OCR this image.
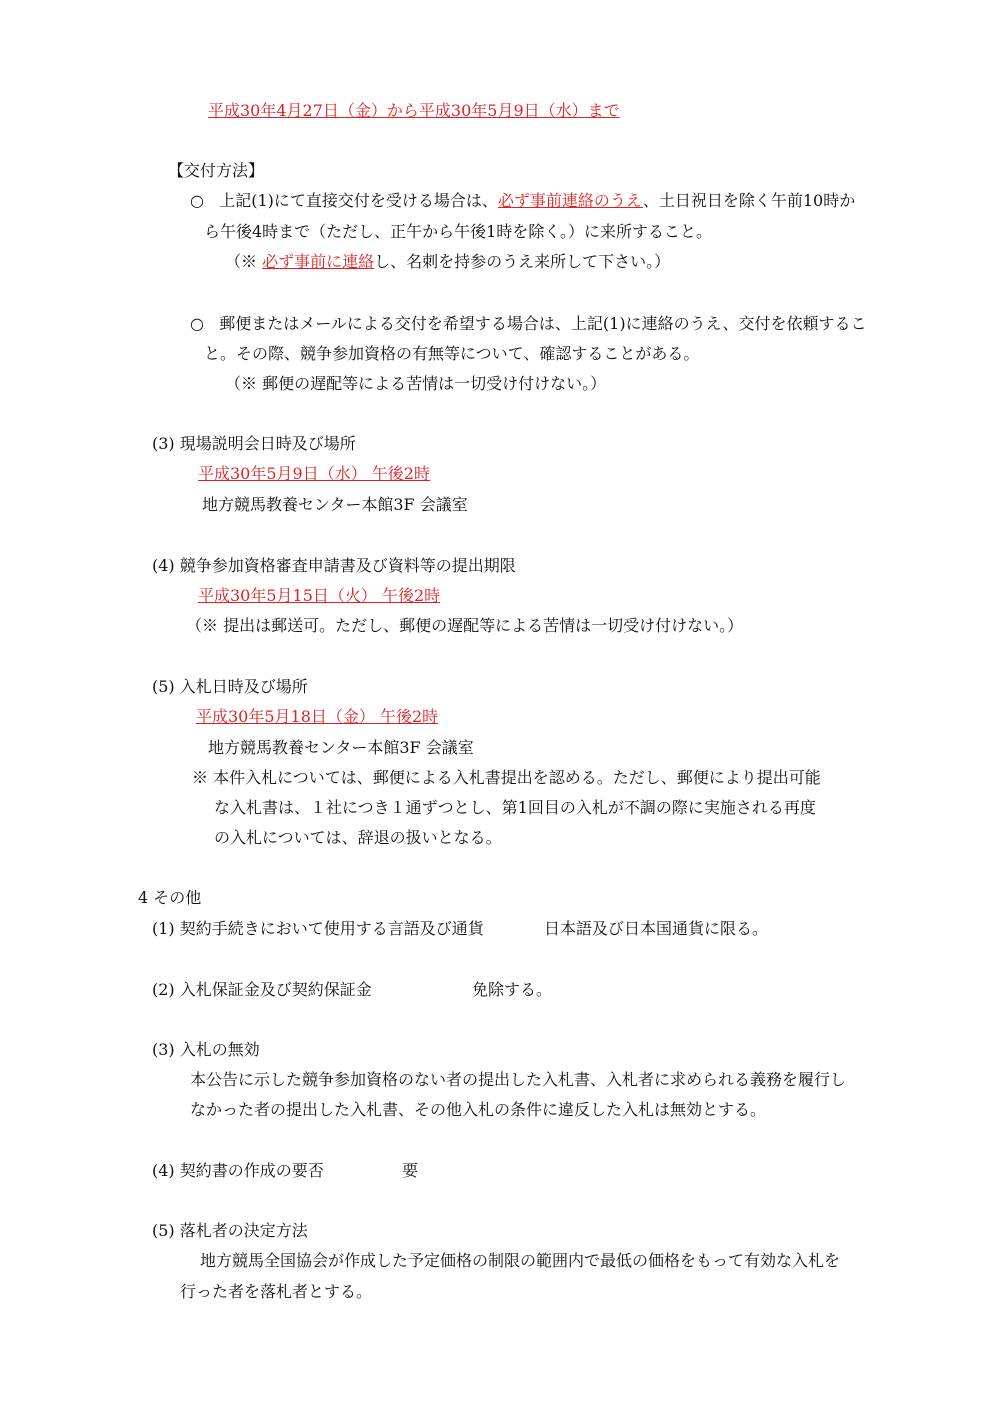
平成30年4月27日（金）から平成30年5月9日（水）まで
【交付方法】
○ 上記(1)にて直接交付を受ける場合は、必ず事前連絡のうえ、土日祝日を除く午前10時か
ら午後4時まで（ただし、正午から午後1時を除く。）に来所すること。
（※ 必ず事前に連絡し、名刺を持参のうえ来所して下さい。）
○ 郵便またはメールによる交付を希望する場合は、上記(1)に連絡のうえ、交付を依頼するこ
と。その際、競争参加資格の有無等について、確認することがある。
（※ 郵便の遅配等による苦情は一切受け付けない。）
(3) 現場説明会日時及び場所
平成30年5月9日（水） 午後2時
地方競馬教養センター本館3F 会議室
(4) 競争参加資格審査申請書及び資料等の提出期限
平成30年5月15日（火） 午後2時
（※ 提出は郵送可。ただし、郵便の遅配等による苦情は一切受け付けない。）
(5) 入札日時及び場所
平成30年5月18日（金） 午後2時
地方競馬教養センター本館3F 会議室
※ 本件入札については、郵便による入札書提出を認める。ただし、郵便により提出可能
な入札書は、１社につき１通ずつとし、第1回目の入札が不調の際に実施される再度
の入札については、辞退の扱いとなる。
4 その他
(1) 契約手続きにおいて使用する言語及び通貨	日本語及び日本国通貨に限る。
(2) 入札保証金及び契約保証金	免除する。
(3) 入札の無効
本公告に示した競争参加資格のない者の提出した入札書、入札者に求められる義務を履行し
なかった者の提出した入札書、その他入札の条件に違反した入札は無効とする。
(4) 契約書の作成の要否	要
(5) 落札者の決定方法
地方競馬全国協会が作成した予定価格の制限の範囲内で最低の価格をもって有効な入札を
行った者を落札者とする。
